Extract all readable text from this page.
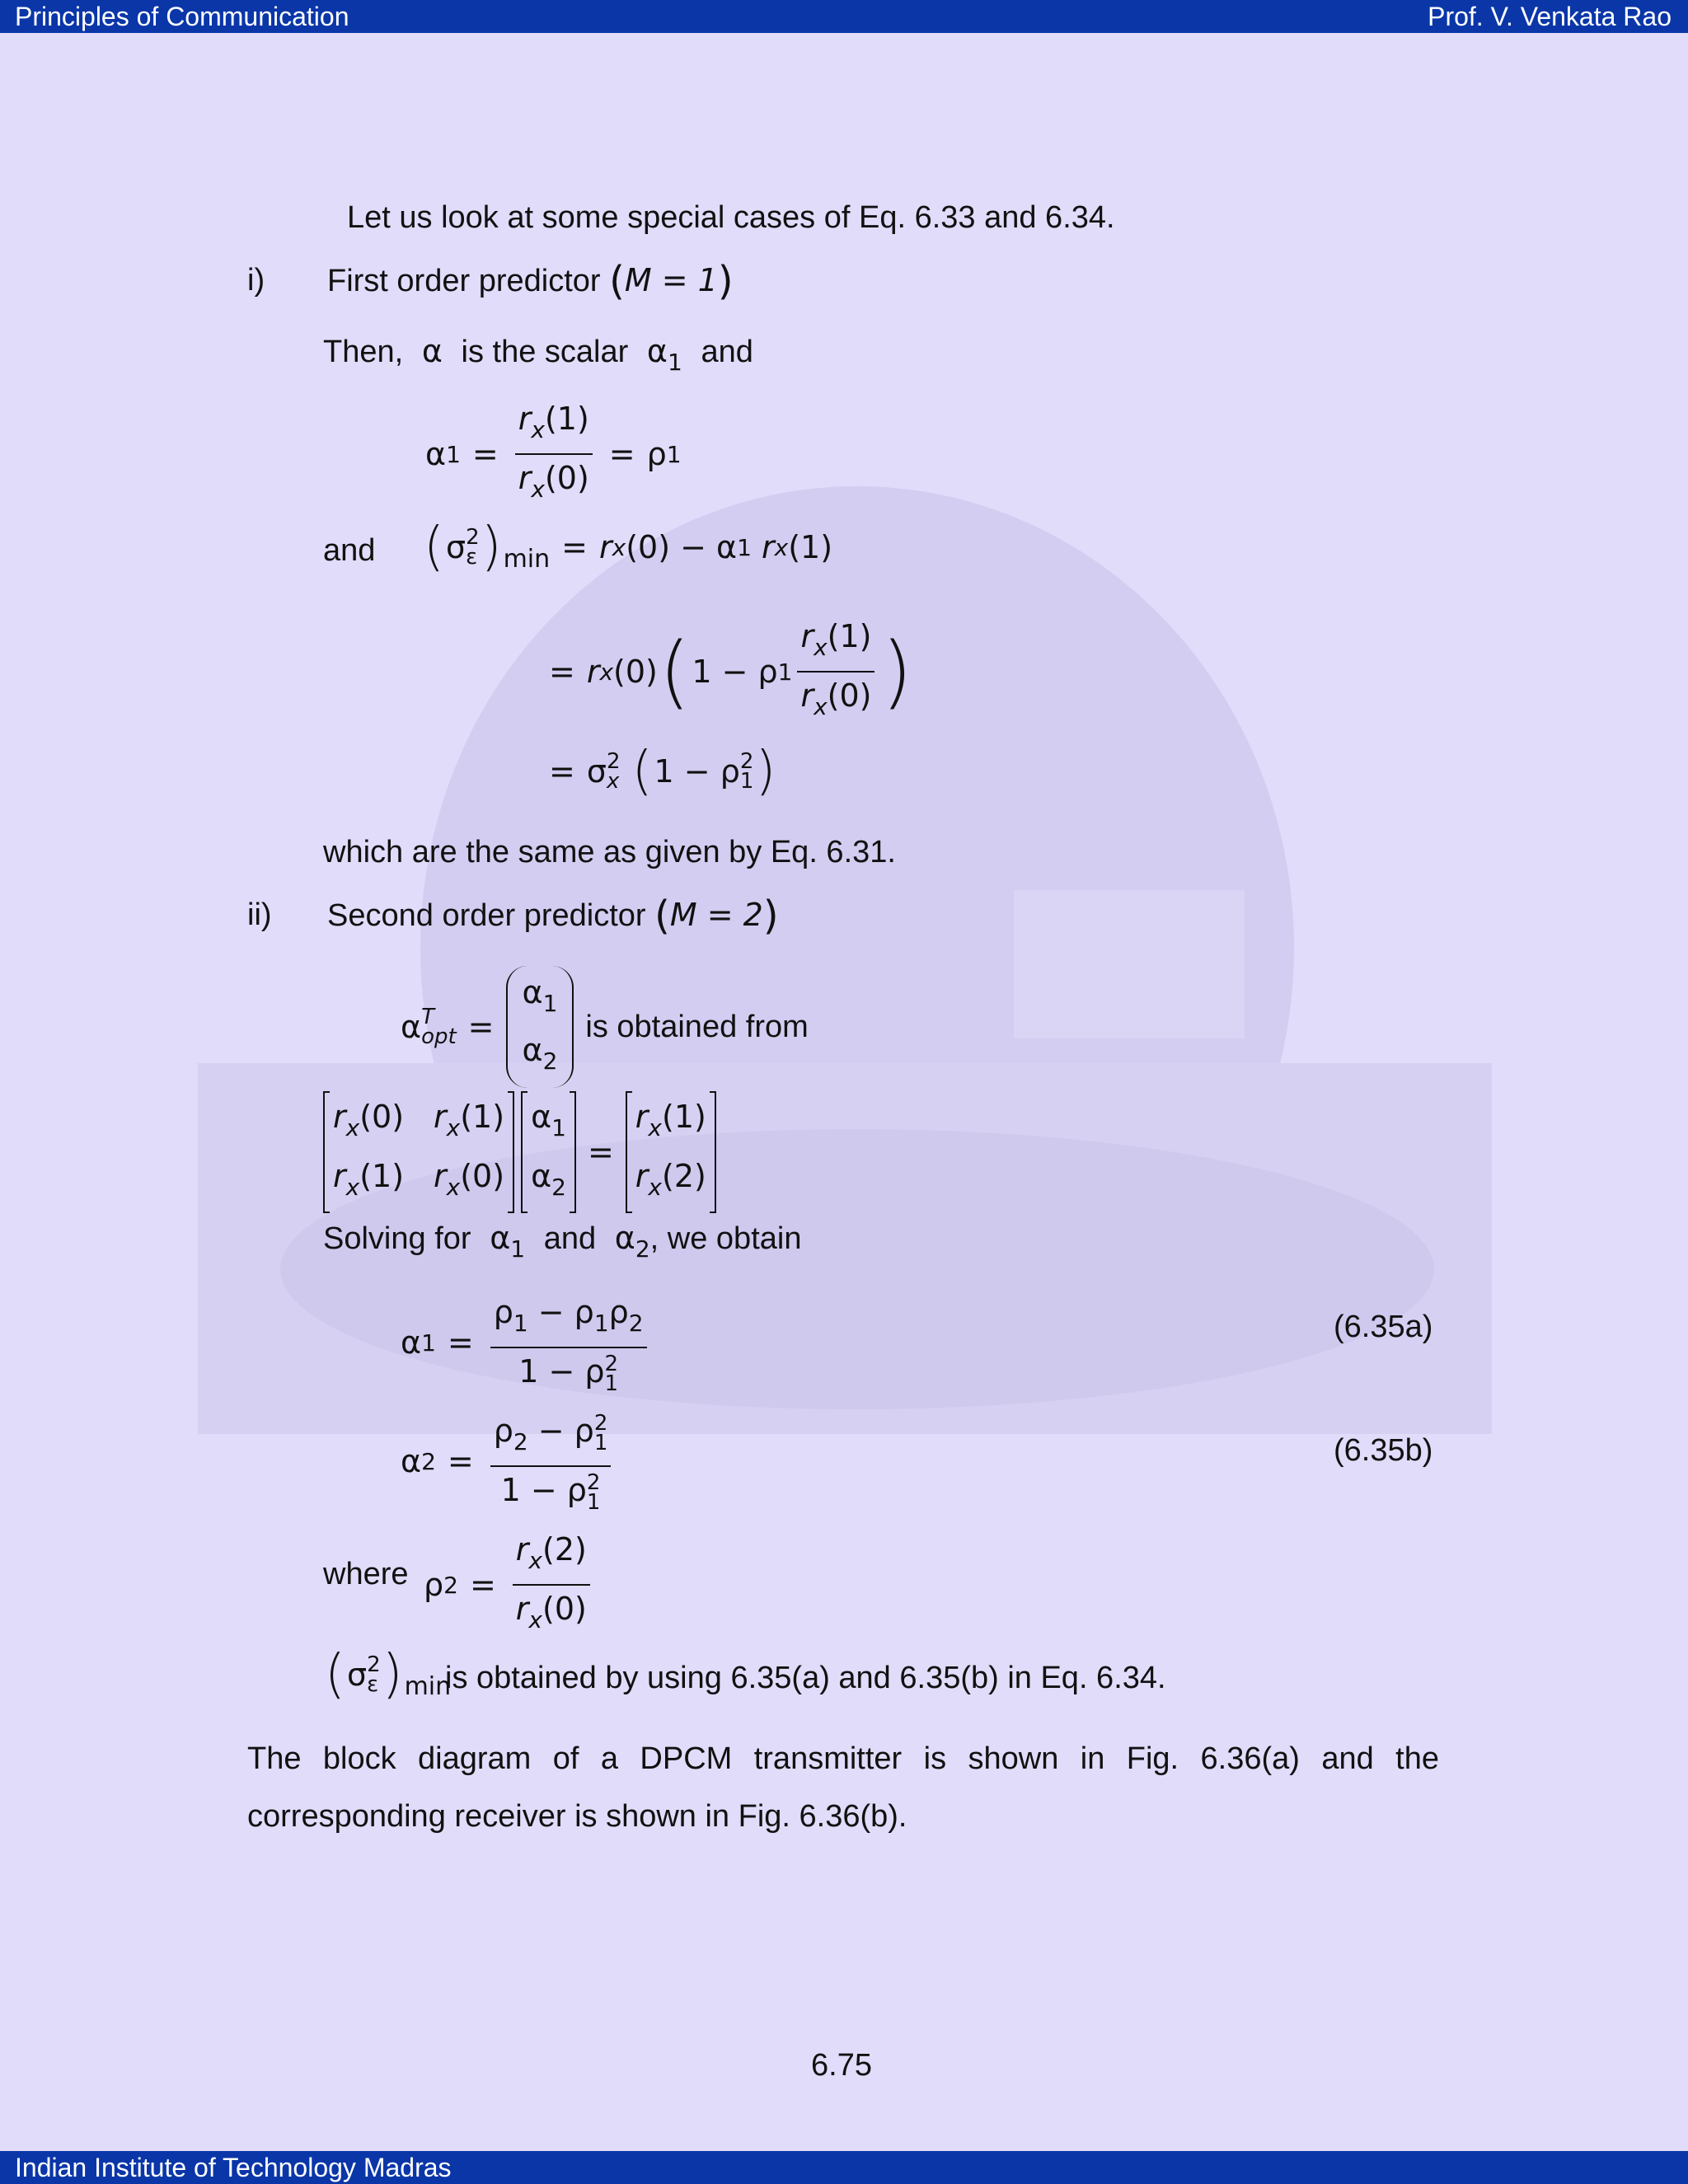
Principles of Communication	Prof. V. Venkata Rao
Let us look at some special cases of Eq. 6.33 and 6.34.
i) First order predictor (M = 1)
Then,  α  is the scalar  $\alpha_1$ and
α $1 = \frac{r_x(1)}{r_x(0)} = \rho$ 1
and ( σ 2
ε ) min = r x (0) − α 1
r x (1)
= r x (0) ( 1 − ρ $1 \frac{r_x(1)}{r_x(0)}$ )
= σ 2
x
( 1 − ρ 2
1 )
which are the same as given by Eq. 6.31.
ii) Second order predictor (M = 2)
α T
opt =
$\alpha_1$
$\alpha_2$
is obtained from
$r_x(0)$ $r_x(1)$
$r_x(1)$ $r_x(0)$
$\alpha_1$
$\alpha_2$
=
$r_x(1)$
$r_x(2)$
Solving for  $\alpha_1$ and  $\alpha_2$, we obtain
α $1 = \rho_1 - \rho_1\rho_2$
1 − ρ 2
1	(6.35a)
α $2 = \rho_2 - \rho$ 2
1
1 − ρ 2
1	(6.35b)
where ρ $2 = \frac{r_x(2)}{r_x(0)}$
( σ 2
ε ) min
is obtained by using 6.35(a) and 6.35(b) in Eq. 6.34.
The block diagram of a DPCM transmitter is shown in Fig. 6.36(a) and the
corresponding receiver is shown in Fig. 6.36(b).
6.75
Indian Institute of Technology Madras
